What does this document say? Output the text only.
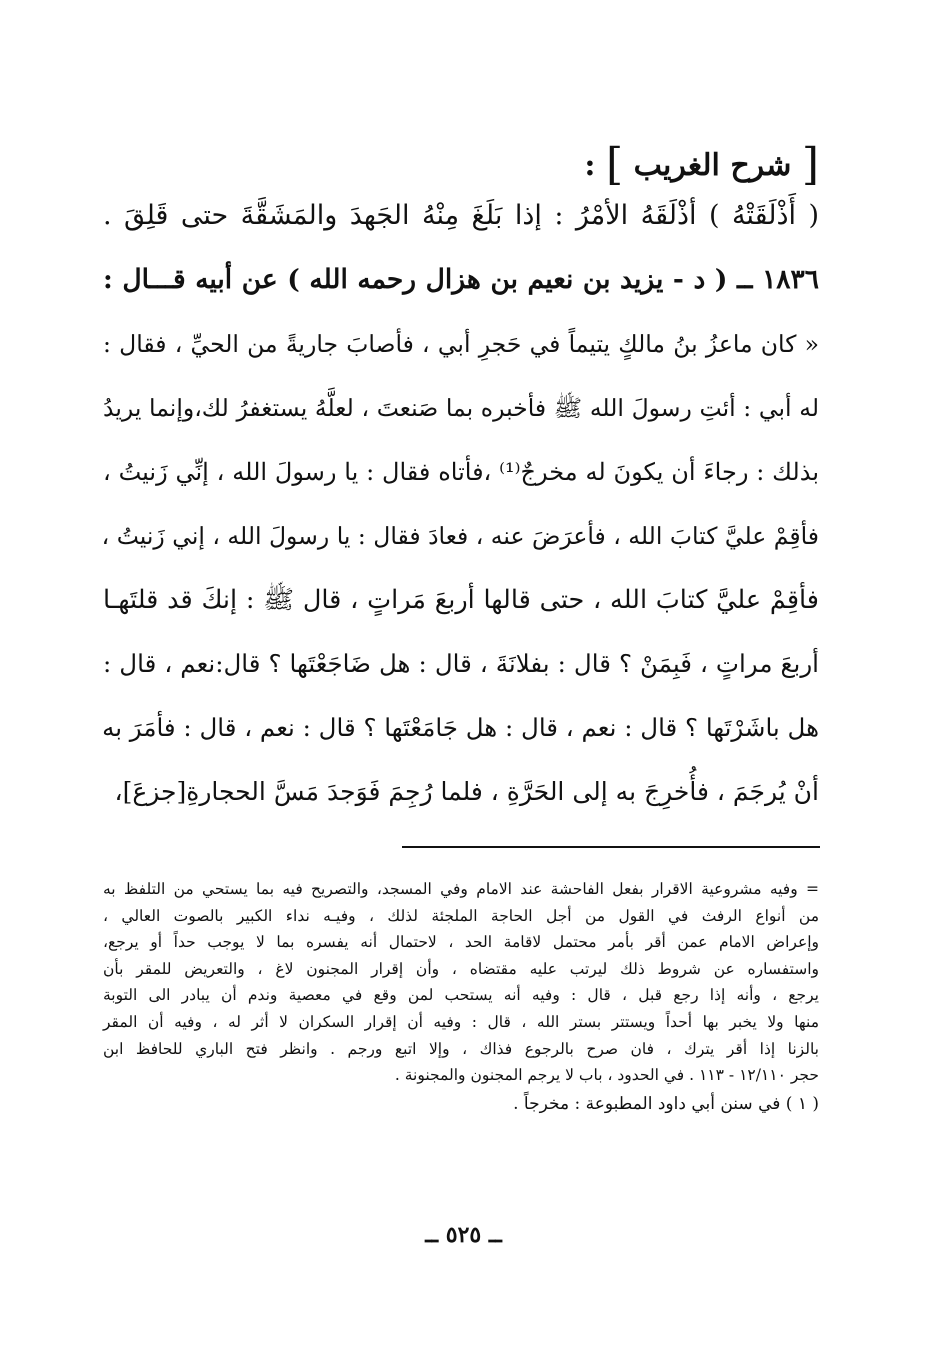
[ شرح الغريب ] :

( أَذْلَقَتْهُ ) أذْلَقَهُ الأمْرُ : إذا بَلَغَ مِنْهُ الجَهدَ والمَشَقَّةَ حتى قَلِقَ .

١٨٣٦ ــ ( د - يزيد بن نعيم بن هزال رحمه الله ) عن أبيه قـــال :

« كان ماعزُ بنُ مالكٍ يتيماً في حَجرِ أبي ، فأصابَ جاريةً من الحيِّ ، فقال :

له أبي : أئتِ رسولَ الله ﷺ فأخبره بما صَنعتَ ، لعلَّهُ يستغفرُ لك،وإنما يريدُ

بذلك : رجاءَ أن يكونَ له مخرجٌ⁽¹⁾ ،فأتاه فقال : يا رسولَ الله ، إنِّي زَنيتُ ،

فأقِمْ عليَّ كتابَ الله ، فأعرَضَ عنه ، فعادَ فقال : يا رسولَ الله ، إني زَنيتُ ،

فأقِمْ عليَّ كتابَ الله ، حتى قالها أربعَ مَراتٍ ، قال ﷺ : إنكَ قد قلتَهـا

أربعَ مراتٍ ، فَبِمَنْ ؟ قال : بفلانَةَ ، قال : هل ضَاجَعْتَها ؟ قال:نعم ، قال :

هل باشَرْتَها ؟ قال : نعم ، قال : هل جَامَعْتَها ؟ قال : نعم ، قال : فأمَرَ به

أنْ يُرجَمَ ، فأُخرِجَ به إلى الحَرَّةِ ، فلما رُجِمَ فَوَجدَ مَسَّ الحجارةِ[جزعَ]،

= وفيه مشروعية الاقرار بفعل الفاحشة عند الامام وفي المسجد، والتصريح فيه بما يستحي من التلفظ به

من أنواع الرفث في القول من أجل الحاجة الملجئة لذلك ، وفيـه نداء الكبير بالصوت العالي ،

وإعراض الامام عمن أقر بأمر محتمل لاقامة الحد ، لاحتمال أنه يفسره بما لا يوجب حداً أو يرجع،

واستفساره عن شروط ذلك ليرتب عليه مقتضاه ، وأن إقرار المجنون لاغ ، والتعريض للمقر بأن

يرجع ، وأنه إذا رجع قبل ، قال : وفيه أنه يستحب لمن وقع في معصية وندم أن يبادر الى التوبة

منها ولا يخبر بها أحداً ويستتر بستر الله ، قال : وفيه أن إقرار السكران لا أثر له ، وفيه أن المقر

بالزنا إذا أقر يترك ، فان صرح بالرجوع فذاك ، وإلا اتبع ورجم . وانظر فتح الباري للحافظ ابن

حجر ١٢/١١٠ - ١١٣ . في الحدود ، باب لا يرجم المجنون والمجنونة .

( ١ ) في سنن أبي داود المطبوعة : مخرجاً .

ــ ٥٢٥ ــ
